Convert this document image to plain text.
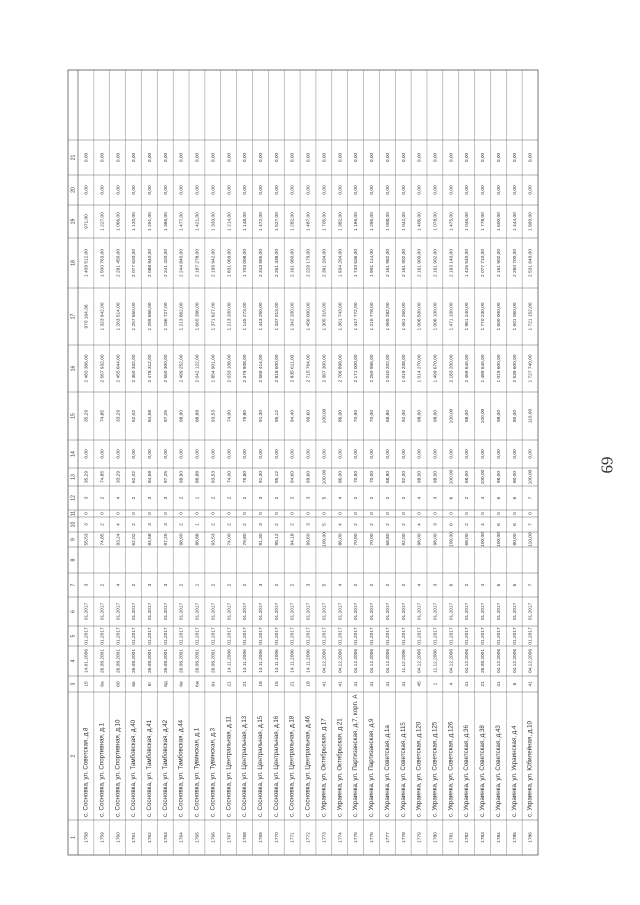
69
1
2
3
4
5
6
7
8
9
10
11
12
13
14
15
16
17
18
19
20
21
1758
с. Сосновка, ул. Советская, д.8
15
14.01.2006
01.2017
01.2017
3
55,53
3
0
3
35,29
0,00
35,29
2 483 366,00
970 164,36
1 409 512,00
971,00
0,00
0,00
1759
с. Сосновка, ул. Спортивная, д.1
6а
26.08.2001
01.2017
01.2017
2
74,85
2
0
2
74,85
0,00
74,85
2 567 932,00
1 323 942,00
1 500 763,00
1 227,00
0,00
0,00
1760
с. Сосновка, ул. Спортивная, д.10
6б
26.08.2001
01.2017
01.2017
4
93,24
4
0
4
33,29
0,00
33,29
2 455 644,00
1 263 514,00
2 291 450,00
1 066,00
0,00
0,00
1761
с. Сосновка, ул. Тамбовская, д.40
6в
26.08.2001
01.2017
01.2017
2
62,02
2
0
2
62,02
0,00
62,02
2 360 332,00
1 257 650,00
2 077 620,00
1 120,00
0,00
0,00
1762
с. Сосновка, ул. Тамбовская, д.41
6г
26.08.2001
01.2017
01.2017
3
84,58
3
0
3
84,58
0,00
84,58
2 478 312,00
1 299 656,00
2 088 940,00
1 291,00
0,00
0,00
1763
с. Сосновка, ул. Тамбовская, д.42
6д
26.08.2001
01.2017
01.2017
3
97,25
3
0
3
97,25
0,00
97,25
2 560 300,00
1 196 727,00
2 241 420,00
1 396,00
0,00
0,00
1764
с. Сосновка, ул. Тамбовская, д.44
6е
26.08.2001
01.2017
01.2017
2
98,90
2
0
2
98,90
0,00
98,90
2 499 252,00
1 213 862,00
2 244 840,00
1 477,00
0,00
0,00
1765
с. Сосновка, ул. Тувинская, д.1
6ж
26.08.2001
01.2017
01.2017
1
88,88
1
0
1
88,88
0,00
88,88
2 042 122,00
1 665 396,00
2 187 278,00
1 421,00
0,00
0,00
1766
с. Сосновка, ул. Тувинская, д.3
6з
26.08.2001
01.2017
01.2017
2
93,53
2
0
2
93,53
0,00
93,53
1 854 901,00
1 371 627,00
2 199 942,00
1 333,00
0,00
0,00
1767
с. Сосновка, ул. Центральная, д.11
21
14.11.2006
01.2017
01.2017
2
74,00
2
0
2
74,00
0,00
74,00
2 033 108,00
1 213 200,00
1 831 069,00
1 214,00
0,00
0,00
1768
с. Сосновка, ул. Центральная, д.13
21
14.11.2006
01.2017
01.2017
2
79,80
2
0
2
79,80
0,00
79,80
2 379 908,00
1 145 273,00
1 703 008,00
1 148,00
0,00
0,00
1769
с. Сосновка, ул. Центральная, д.15
18
14.11.2006
01.2017
01.2017
3
91,30
3
0
3
91,30
0,00
91,30
2 569 414,00
1 443 250,00
2 343 955,00
1 472,00
0,00
0,00
1770
с. Сосновка, ул. Центральная, д.16
15
14.11.2006
01.2017
01.2017
2
95,12
2
0
2
95,12
0,00
95,12
2 818 600,00
1 337 013,00
2 261 338,00
1 527,00
0,00
0,00
1771
с. Сосновка, ул. Центральная, д.18
21
14.11.2006
01.2017
01.2017
2
94,18
2
0
2
94,60
0,00
94,40
2 835 611,00
1 342 200,00
2 161 960,00
1 282,00
0,00
0,00
1772
с. Сосновка, ул. Центральная, д.46
18
14.11.2006
01.2017
01.2017
3
99,60
3
0
3
99,60
0,00
99,60
2 715 764,00
1 456 000,00
2 229 179,00
1 487,00
0,00
0,00
1773
с. Украинка, ул. Октябрьская, д.17
41
04.12.2006
01.2017
01.2017
5
100,00
5
0
5
100,00
0,00
100,00
2 367 300,00
1 305 315,00
2 391 334,00
1 705,00
0,00
0,00
1774
с. Украинка, ул. Октябрьская, д.21
41
04.12.2006
01.2017
01.2017
4
86,00
4
0
4
86,00
0,00
86,00
2 766 898,00
1 361 743,00
1 934 294,00
1 382,00
0,00
0,00
1775
с. Украинка, ул. Партизанская, д.7, корп. А
41
04.12.2006
01.2017
01.2017
2
70,90
2
0
2
70,90
0,00
70,90
2 171 000,00
1 447 772,00
1 733 636,00
1 196,00
0,00
0,00
1776
с. Украинка, ул. Партизанская, д.9
41
04.12.2006
01.2017
01.2017
2
70,00
2
0
2
70,00
0,00
70,00
2 260 956,00
1 216 778,00
1 991 114,00
1 295,00
0,00
0,00
1777
с. Украинка, ул. Советская, д.1а
41
04.12.2006
01.2017
01.2017
2
68,80
2
0
2
68,80
0,00
68,80
2 040 202,00
1 065 282,00
2 161 982,00
1 008,00
0,00
0,00
1778
с. Украинка, ул. Советская, д.115
41
11.12.2006
01.2017
01.2017
2
92,00
2
0
2
92,00
0,00
92,00
1 019 208,00
1 061 260,00
2 161 902,00
1 042,00
0,00
0,00
1779
с. Украинка, ул. Советская, д.120
45
04.12.2006
01.2017
01.2017
4
98,00
4
0
4
98,00
0,00
98,00
1 014 270,00
1 006 500,00
2 161 900,00
1 406,00
0,00
0,00
1780
с. Украинка, ул. Советская, д.125
1
11.12.2006
01.2017
01.2017
3
98,00
3
0
3
98,00
0,00
98,00
1 499 670,00
1 006 100,00
2 161 902,00
1 078,00
0,00
0,00
1781
с. Украинка, ул. Советская, д.126
4
04.12.2006
01.2017
01.2017
6
100,00
6
0
6
100,00
0,00
100,00
2 183 200,00
1 471 100,00
2 163 140,00
1 475,00
0,00
0,00
1782
с. Украинка, ул. Советская, д.36
41
04.12.2006
01.2017
01.2017
2
68,00
2
0
2
68,00
0,00
68,00
2 469 640,00
1 961 240,00
1 426 540,00
1 046,00
0,00
0,00
1783
с. Украинка, ул. Советская, д.38
21
26.08.2001
01.2017
01.2017
4
100,00
4
0
4
100,00
0,00
100,00
1 489 640,00
1 770 230,00
2 077 710,00
1 778,00
0,00
0,00
1784
с. Украинка, ул. Советская, д.43
41
04.12.2006
01.2017
01.2017
6
100,00
6
0
6
98,00
0,00
98,00
1 019 600,00
1 600 000,00
2 161 902,00
1 600,00
0,00
0,00
1785
с. Украинка, ул. Украинская, д.4
6
04.12.2006
01.2017
01.2017
6
80,00
6
0
6
80,00
0,00
80,00
2 539 600,00
1 601 060,00
2 260 700,00
1 444,00
0,00
0,00
1786
с. Украинка, ул. Юбилейная, д.10
41
04.12.2006
01.2017
01.2017
7
110,00
7
0
7
100,00
0,00
110,00
1 727 740,00
1 721 152,00
2 531 640,00
1 900,00
0,00
0,00
